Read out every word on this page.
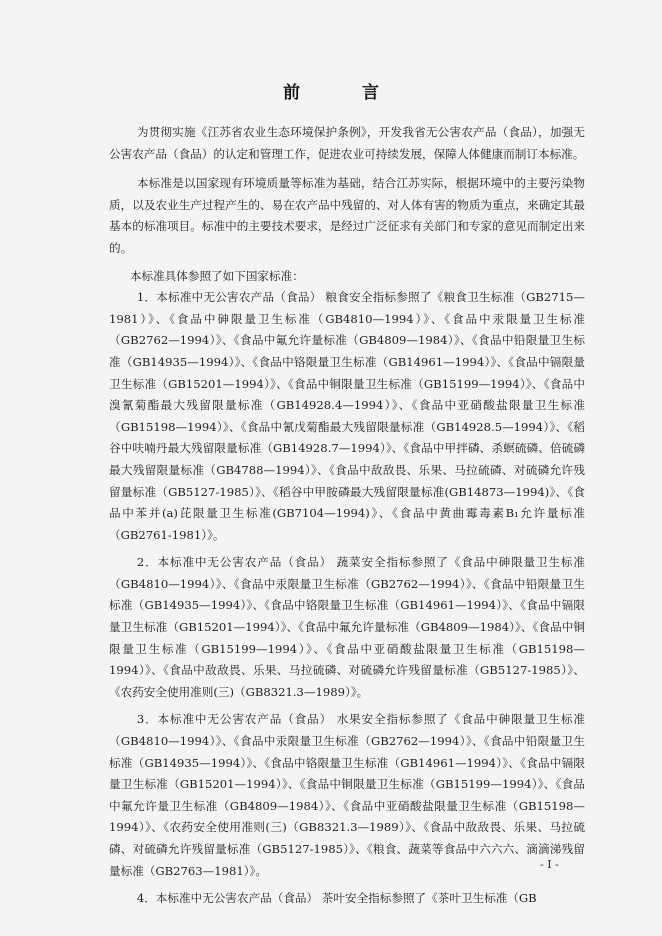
前 言

为贯彻实施《江苏省农业生态环境保护条例》，开发我省无公害农产品（食品），加强无公害农产品（食品）的认定和管理工作，促进农业可持续发展，保障人体健康而制订本标准。

本标准是以国家现有环境质量等标准为基础，结合江苏实际，根据环境中的主要污染物质，以及农业生产过程产生的、易在农产品中残留的、对人体有害的物质为重点，来确定其最基本的标准项目。标准中的主要技术要求，是经过广泛征求有关部门和专家的意见而制定出来的。

本标准具体参照了如下国家标准：

1．本标准中无公害农产品（食品） 粮食安全指标参照了《粮食卫生标准（GB2715—1981）》、《食品中砷限量卫生标准（GB4810—1994）》、《食品中汞限量卫生标准（GB2762—1994）》、《食品中氟允许量标准（GB4809—1984）》、《食品中铅限量卫生标准（GB14935—1994）》、《食品中铬限量卫生标准（GB14961—1994）》、《食品中镉限量卫生标准（GB15201—1994）》、《食品中铜限量卫生标准（GB15199—1994）》、《食品中溴氰菊酯最大残留限量标准（GB14928.4—1994）》、《食品中亚硝酸盐限量卫生标准（GB15198—1994）》、《食品中氰戊菊酯最大残留限量标准（GB14928.5—1994）》、《稻谷中呋喃丹最大残留限量标准（GB14928.7—1994）》、《食品中甲拌磷、杀螟硫磷、倍硫磷最大残留限量标准（GB4788—1994）》、《食品中敌敌畏、乐果、马拉硫磷、对硫磷允许残留量标准（GB5127-1985）》、《稻谷中甲胺磷最大残留限量标准(GB14873—1994)》、《食品中苯并(a)芘限量卫生标准(GB7104—1994)》、《食品中黄曲霉毒素B₁允许量标准（GB2761-1981）》。

2．本标准中无公害农产品（食品） 蔬菜安全指标参照了《食品中砷限量卫生标准（GB4810—1994）》、《食品中汞限量卫生标准（GB2762—1994）》、《食品中铅限量卫生标准（GB14935—1994）》、《食品中铬限量卫生标准（GB14961—1994）》、《食品中镉限量卫生标准（GB15201—1994）》、《食品中氟允许量标准（GB4809—1984）》、《食品中铜限量卫生标准（GB15199—1994）》、《食品中亚硝酸盐限量卫生标准（GB15198—1994）》、《食品中敌敌畏、乐果、马拉硫磷、对硫磷允许残留量标准（GB5127-1985）》、《农药安全使用准则(三)（GB8321.3—1989）》。

3．本标准中无公害农产品（食品） 水果安全指标参照了《食品中砷限量卫生标准（GB4810—1994）》、《食品中汞限量卫生标准（GB2762—1994）》、《食品中铅限量卫生标准（GB14935—1994）》、《食品中铬限量卫生标准（GB14961—1994）》、《食品中镉限量卫生标准（GB15201—1994）》、《食品中铜限量卫生标准（GB15199—1994）》、《食品中氟允许量卫生标准（GB4809—1984）》、《食品中亚硝酸盐限量卫生标准（GB15198—1994）》、《农药安全使用准则(三)（GB8321.3—1989）》、《食品中敌敌畏、乐果、马拉硫磷、对硫磷允许残留量标准（GB5127-1985）》、《粮食、蔬菜等食品中六六六、滴滴涕残留量标准（GB2763—1981）》。

4．本标准中无公害农产品（食品） 茶叶安全指标参照了《茶叶卫生标准（GB

- I -
